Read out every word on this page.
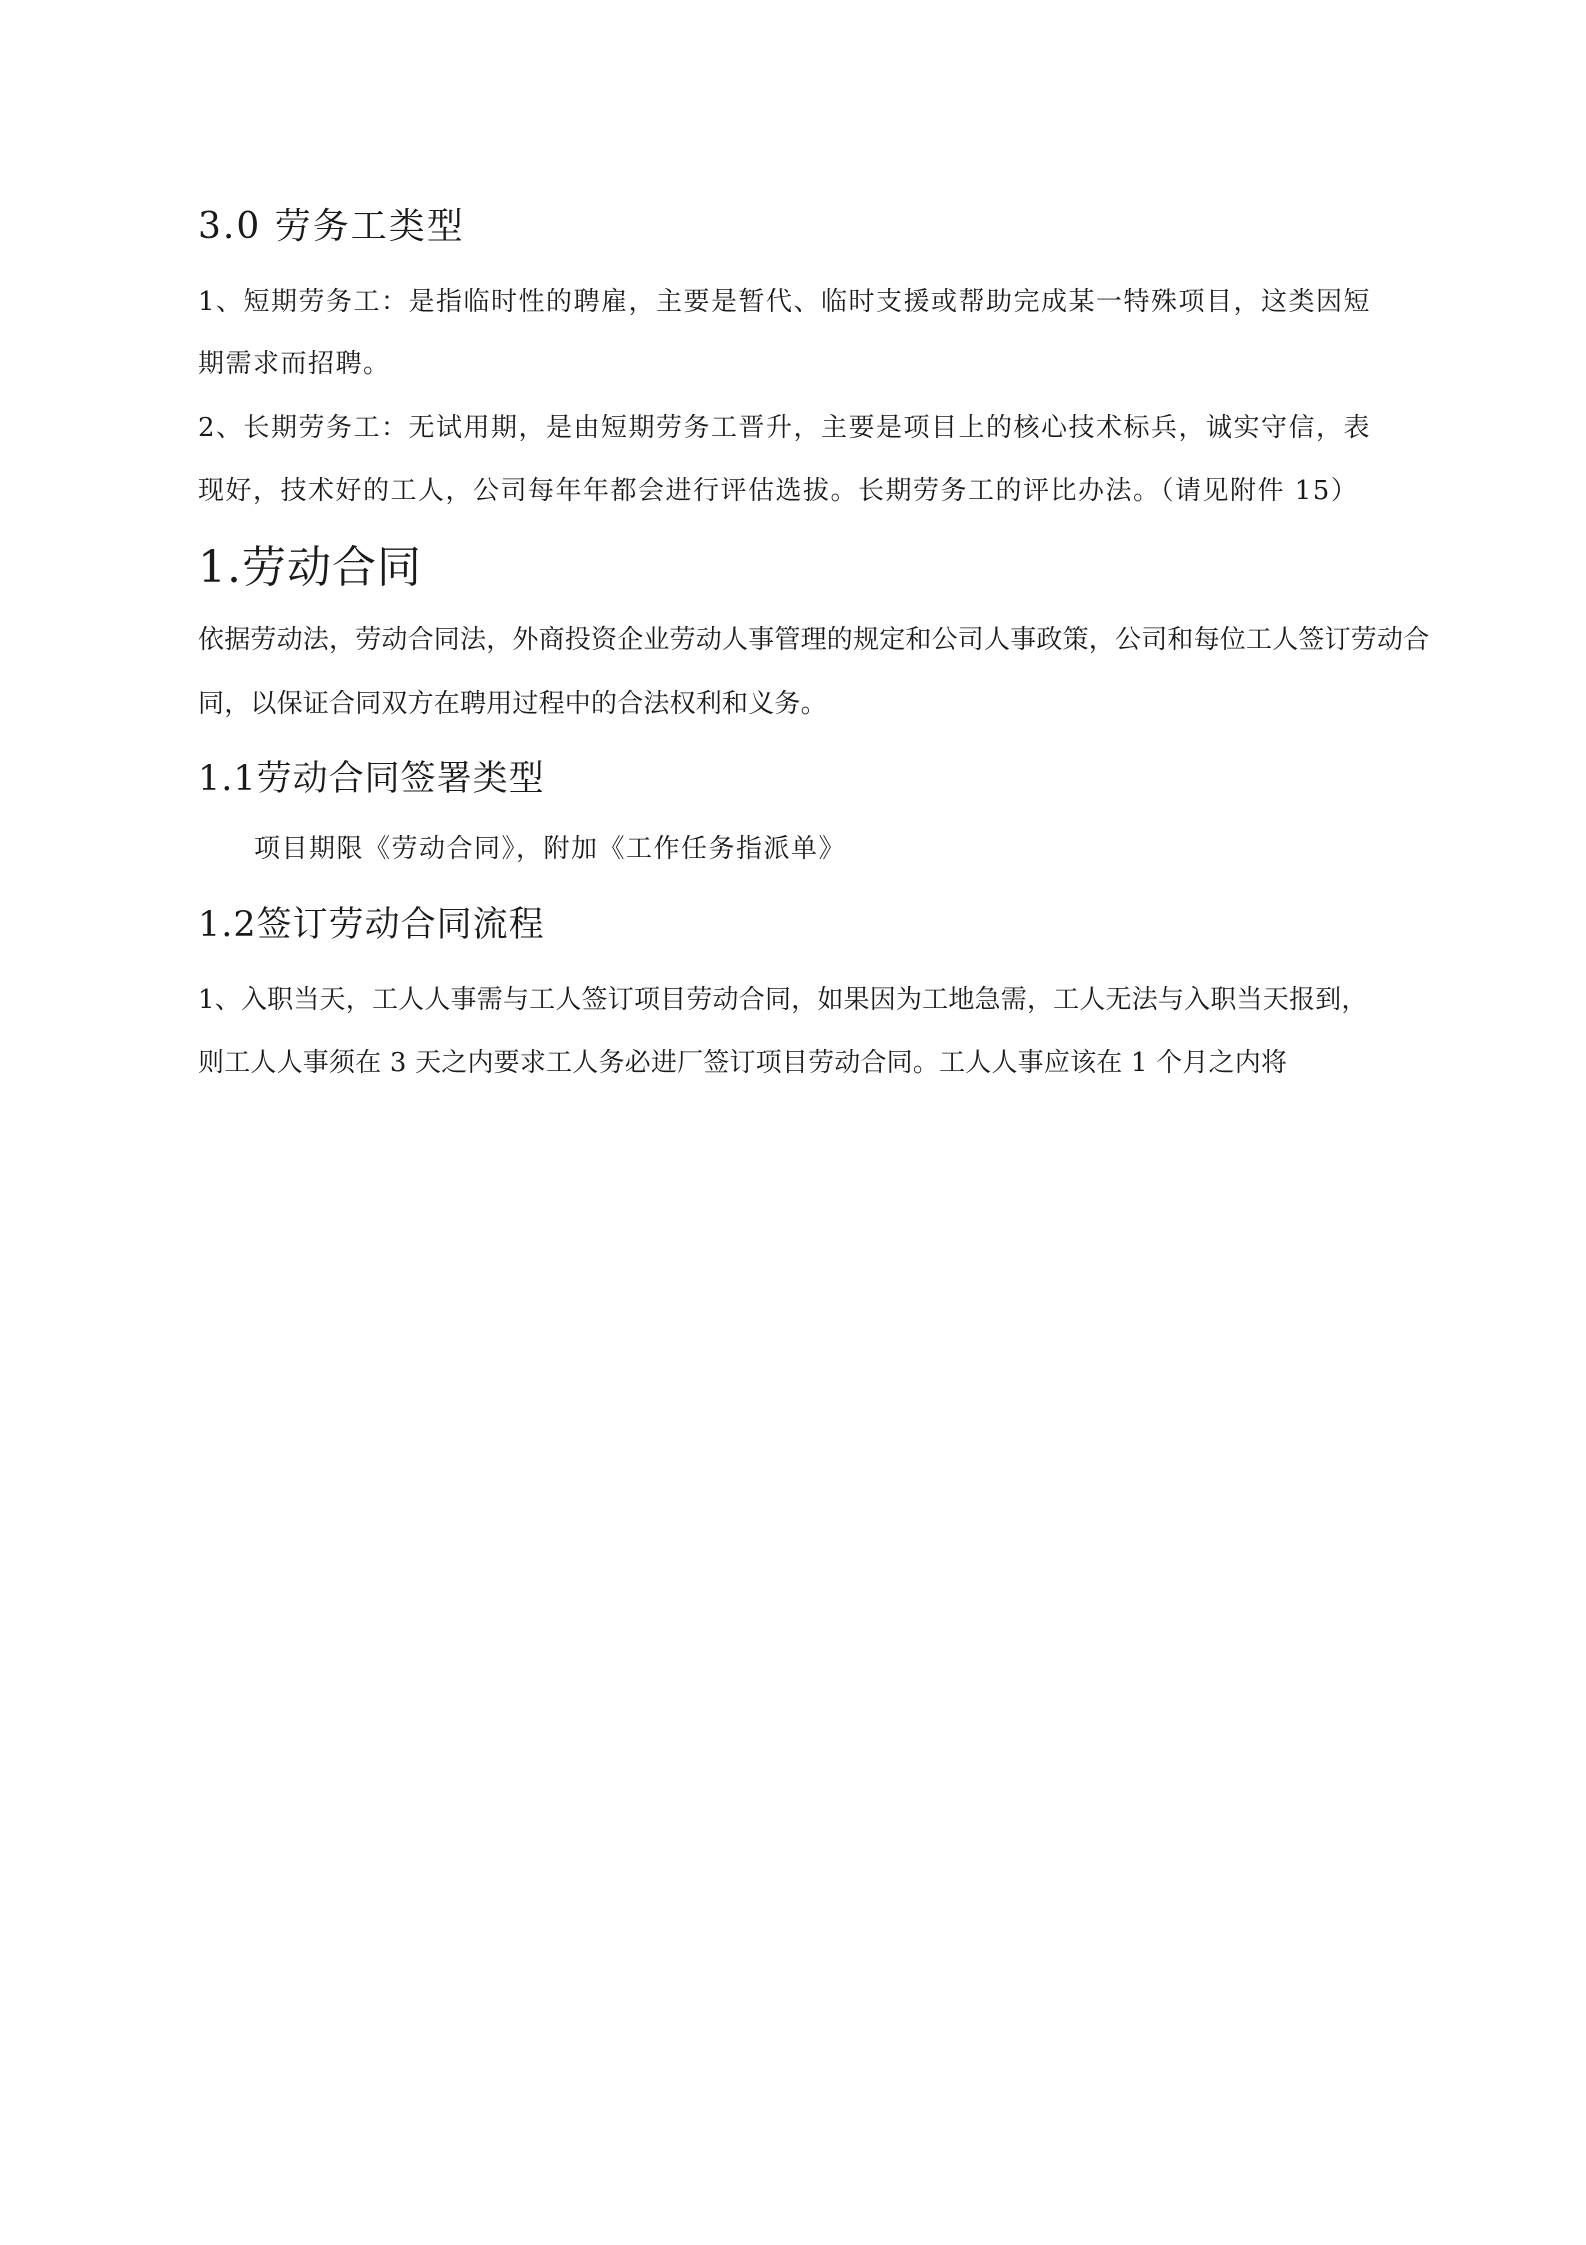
3.0 劳务工类型

1、短期劳务工：是指临时性的聘雇，主要是暂代、临时支援或帮助完成某一特殊项目，这类因短

期需求而招聘。

2、长期劳务工：无试用期，是由短期劳务工晋升，主要是项目上的核心技术标兵，诚实守信，表

现好，技术好的工人，公司每年年都会进行评估选拔。长期劳务工的评比办法。（请见附件 15）

1.劳动合同

依据劳动法，劳动合同法，外商投资企业劳动人事管理的规定和公司人事政策，公司和每位工人签订劳动合

同，以保证合同双方在聘用过程中的合法权利和义务。

1.1劳动合同签署类型

项目期限《劳动合同》，附加《工作任务指派单》

1.2签订劳动合同流程

1、入职当天，工人人事需与工人签订项目劳动合同，如果因为工地急需，工人无法与入职当天报到，

则工人人事须在 3 天之内要求工人务必进厂签订项目劳动合同。工人人事应该在 1 个月之内将
